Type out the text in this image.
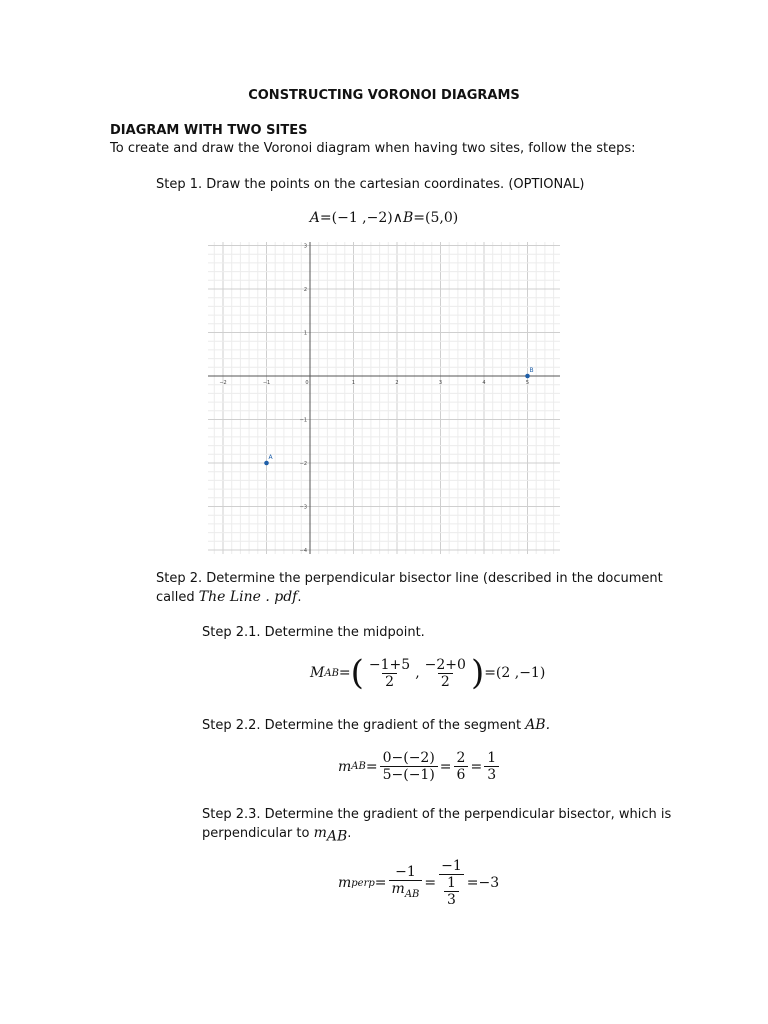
CONSTRUCTING VORONOI DIAGRAMS
DIAGRAM WITH TWO SITES
To create and draw the Voronoi diagram when having two sites, follow the steps:
Step 1. Draw the points on the cartesian coordinates. (OPTIONAL)
A=(−1 ,−2)∧B=(5,0)
−2	−1	0	1	2	3	4	5
3
2
1
−1
−2
−3
−4
A
B
Step 2. Determine the perpendicular bisector line (described in the document
called The Line . pdf.
Step 2.1. Determine the midpoint.
M AB = ( $\frac{-1+5}{2}$ , $\frac{-2+0}{2}$ ) =(2 ,−1)
Step 2.2. Determine the gradient of the segment AB.
m AB = $\frac{0-(-2)}{5-(-1)} = \frac{2}{6} = \frac{1}{3}$
Step 2.3. Determine the gradient of the perpendicular bisector, which is
perpendicular to $m_{AB}$.
m perp = $\frac{-1}{m_{AB}} = \frac{-1}{\frac{1}{3}} =-3$
